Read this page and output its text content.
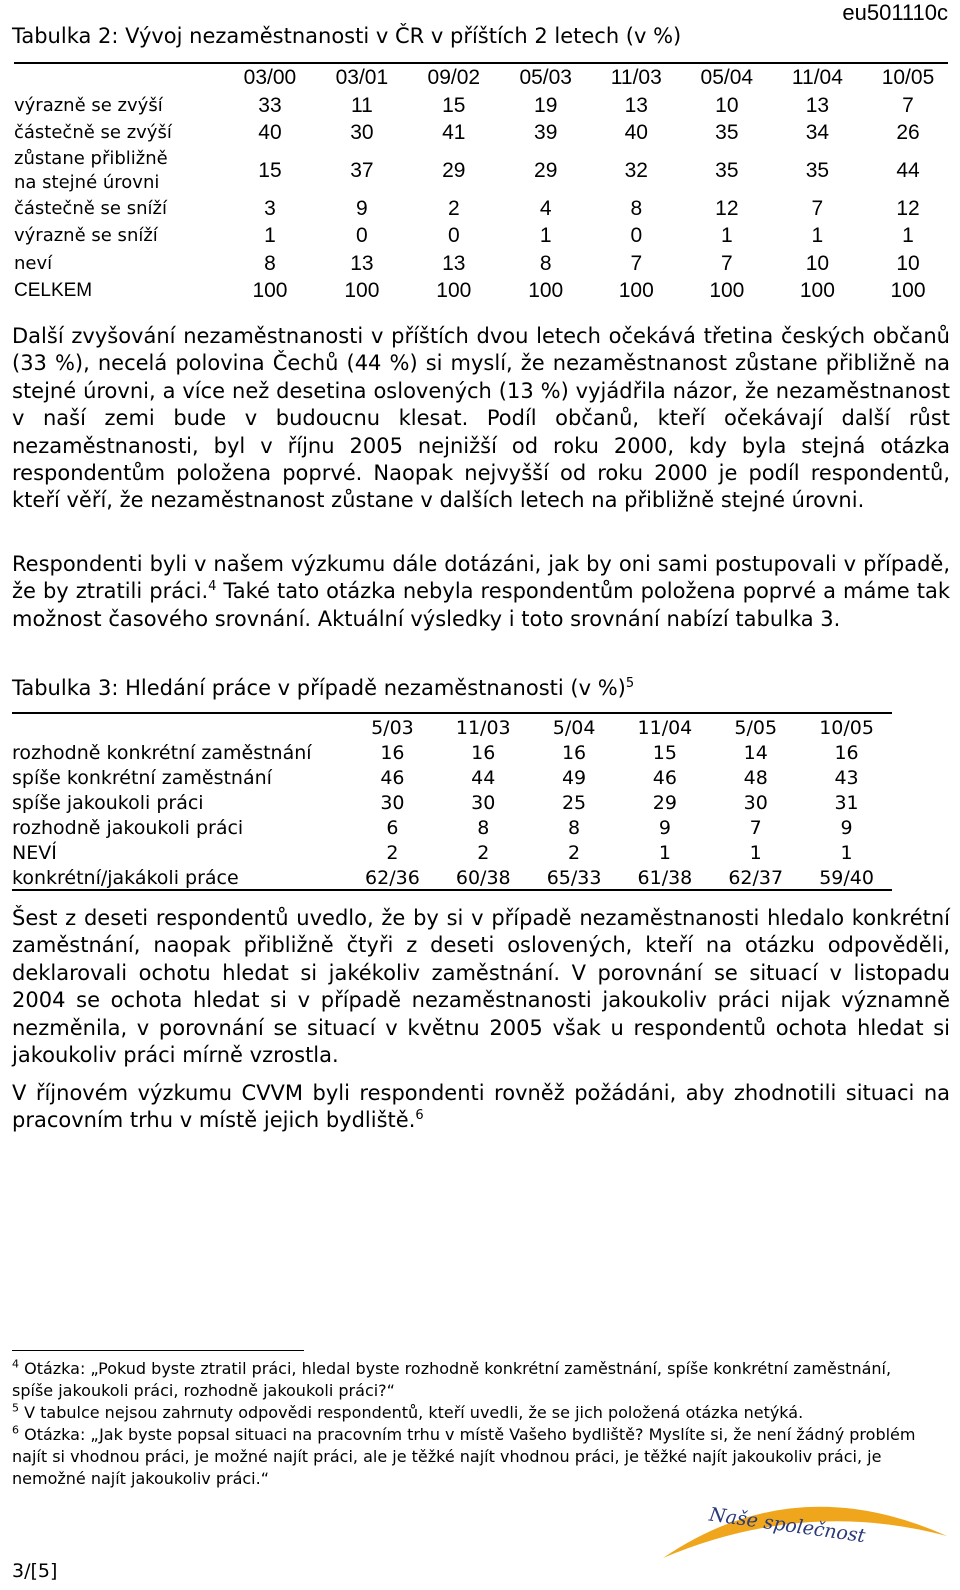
Tabulka 2: Vývoj nezaměstnanosti v ČR v příštích 2 letech (v %)
eu501110c
	03/00	03/01	09/02	05/03	11/03	05/04	11/04	10/05
výrazně se zvýší	33	11	15	19	13	10	13	7
částečně se zvýší	40	30	41	39	40	35	34	26
zůstane přibližně
na stejné úrovni	15	37	29	29	32	35	35	44
částečně se sníží	3	9	2	4	8	12	7	12
výrazně se sníží	1	0	0	1	0	1	1	1
neví	8	13	13	8	7	7	10	10
CELKEM	100	100	100	100	100	100	100	100
Další zvyšování nezaměstnanosti v příštích dvou letech očekává třetina českých občanů (33 %), necelá polovina Čechů (44 %) si myslí, že nezaměstnanost zůstane přibližně na stejné úrovni, a více než desetina oslovených (13 %) vyjádřila názor, že nezaměstnanost v naší zemi bude v budoucnu klesat. Podíl občanů, kteří očekávají další růst nezaměstnanosti, byl v říjnu 2005 nejnižší od roku 2000, kdy byla stejná otázka respondentům položena poprvé. Naopak nejvyšší od roku 2000 je podíl respondentů, kteří věří, že nezaměstnanost zůstane v dalších letech na přibližně stejné úrovni.
Respondenti byli v našem výzkumu dále dotázáni, jak by oni sami postupovali v případě, že by ztratili práci.$^4$ Také tato otázka nebyla respondentům položena poprvé a máme tak možnost časového srovnání. Aktuální výsledky i toto srovnání nabízí tabulka 3.
Tabulka 3: Hledání práce v případě nezaměstnanosti (v %)$^5$
	5/03	11/03	5/04	11/04	5/05	10/05
rozhodně konkrétní zaměstnání	16	16	16	15	14	16
spíše konkrétní zaměstnání	46	44	49	46	48	43
spíše jakoukoli práci	30	30	25	29	30	31
rozhodně jakoukoli práci	6	8	8	9	7	9
NEVÍ	2	2	2	1	1	1
konkrétní/jakákoli práce	62/36	60/38	65/33	61/38	62/37	59/40
Šest z deseti respondentů uvedlo, že by si v případě nezaměstnanosti hledalo konkrétní zaměstnání, naopak přibližně čtyři z deseti oslovených, kteří na otázku odpověděli, deklarovali ochotu hledat si jakékoliv zaměstnání. V porovnání se situací v listopadu 2004 se ochota hledat si v případě nezaměstnanosti jakoukoliv práci nijak významně nezměnila, v porovnání se situací v květnu 2005 však u respondentů ochota hledat si jakoukoliv práci mírně vzrostla.
V říjnovém výzkumu CVVM byli respondenti rovněž požádáni, aby zhodnotili situaci na pracovním trhu v místě jejich bydliště.$^6$
$^4$ Otázka: „Pokud byste ztratil práci, hledal byste rozhodně konkrétní zaměstnání, spíše konkrétní zaměstnání, spíše jakoukoli práci, rozhodně jakoukoli práci?“
$^5$ V tabulce nejsou zahrnuty odpovědi respondentů, kteří uvedli, že se jich položená otázka netýká.
$^6$ Otázka: „Jak byste popsal situaci na pracovním trhu v místě Vašeho bydliště? Myslíte si, že není žádný problém najít si vhodnou práci, je možné najít práci, ale je těžké najít vhodnou práci, je těžké najít jakoukoliv práci, je nemožné najít jakoukoliv práci.“
Naše společnost
3/[5]
